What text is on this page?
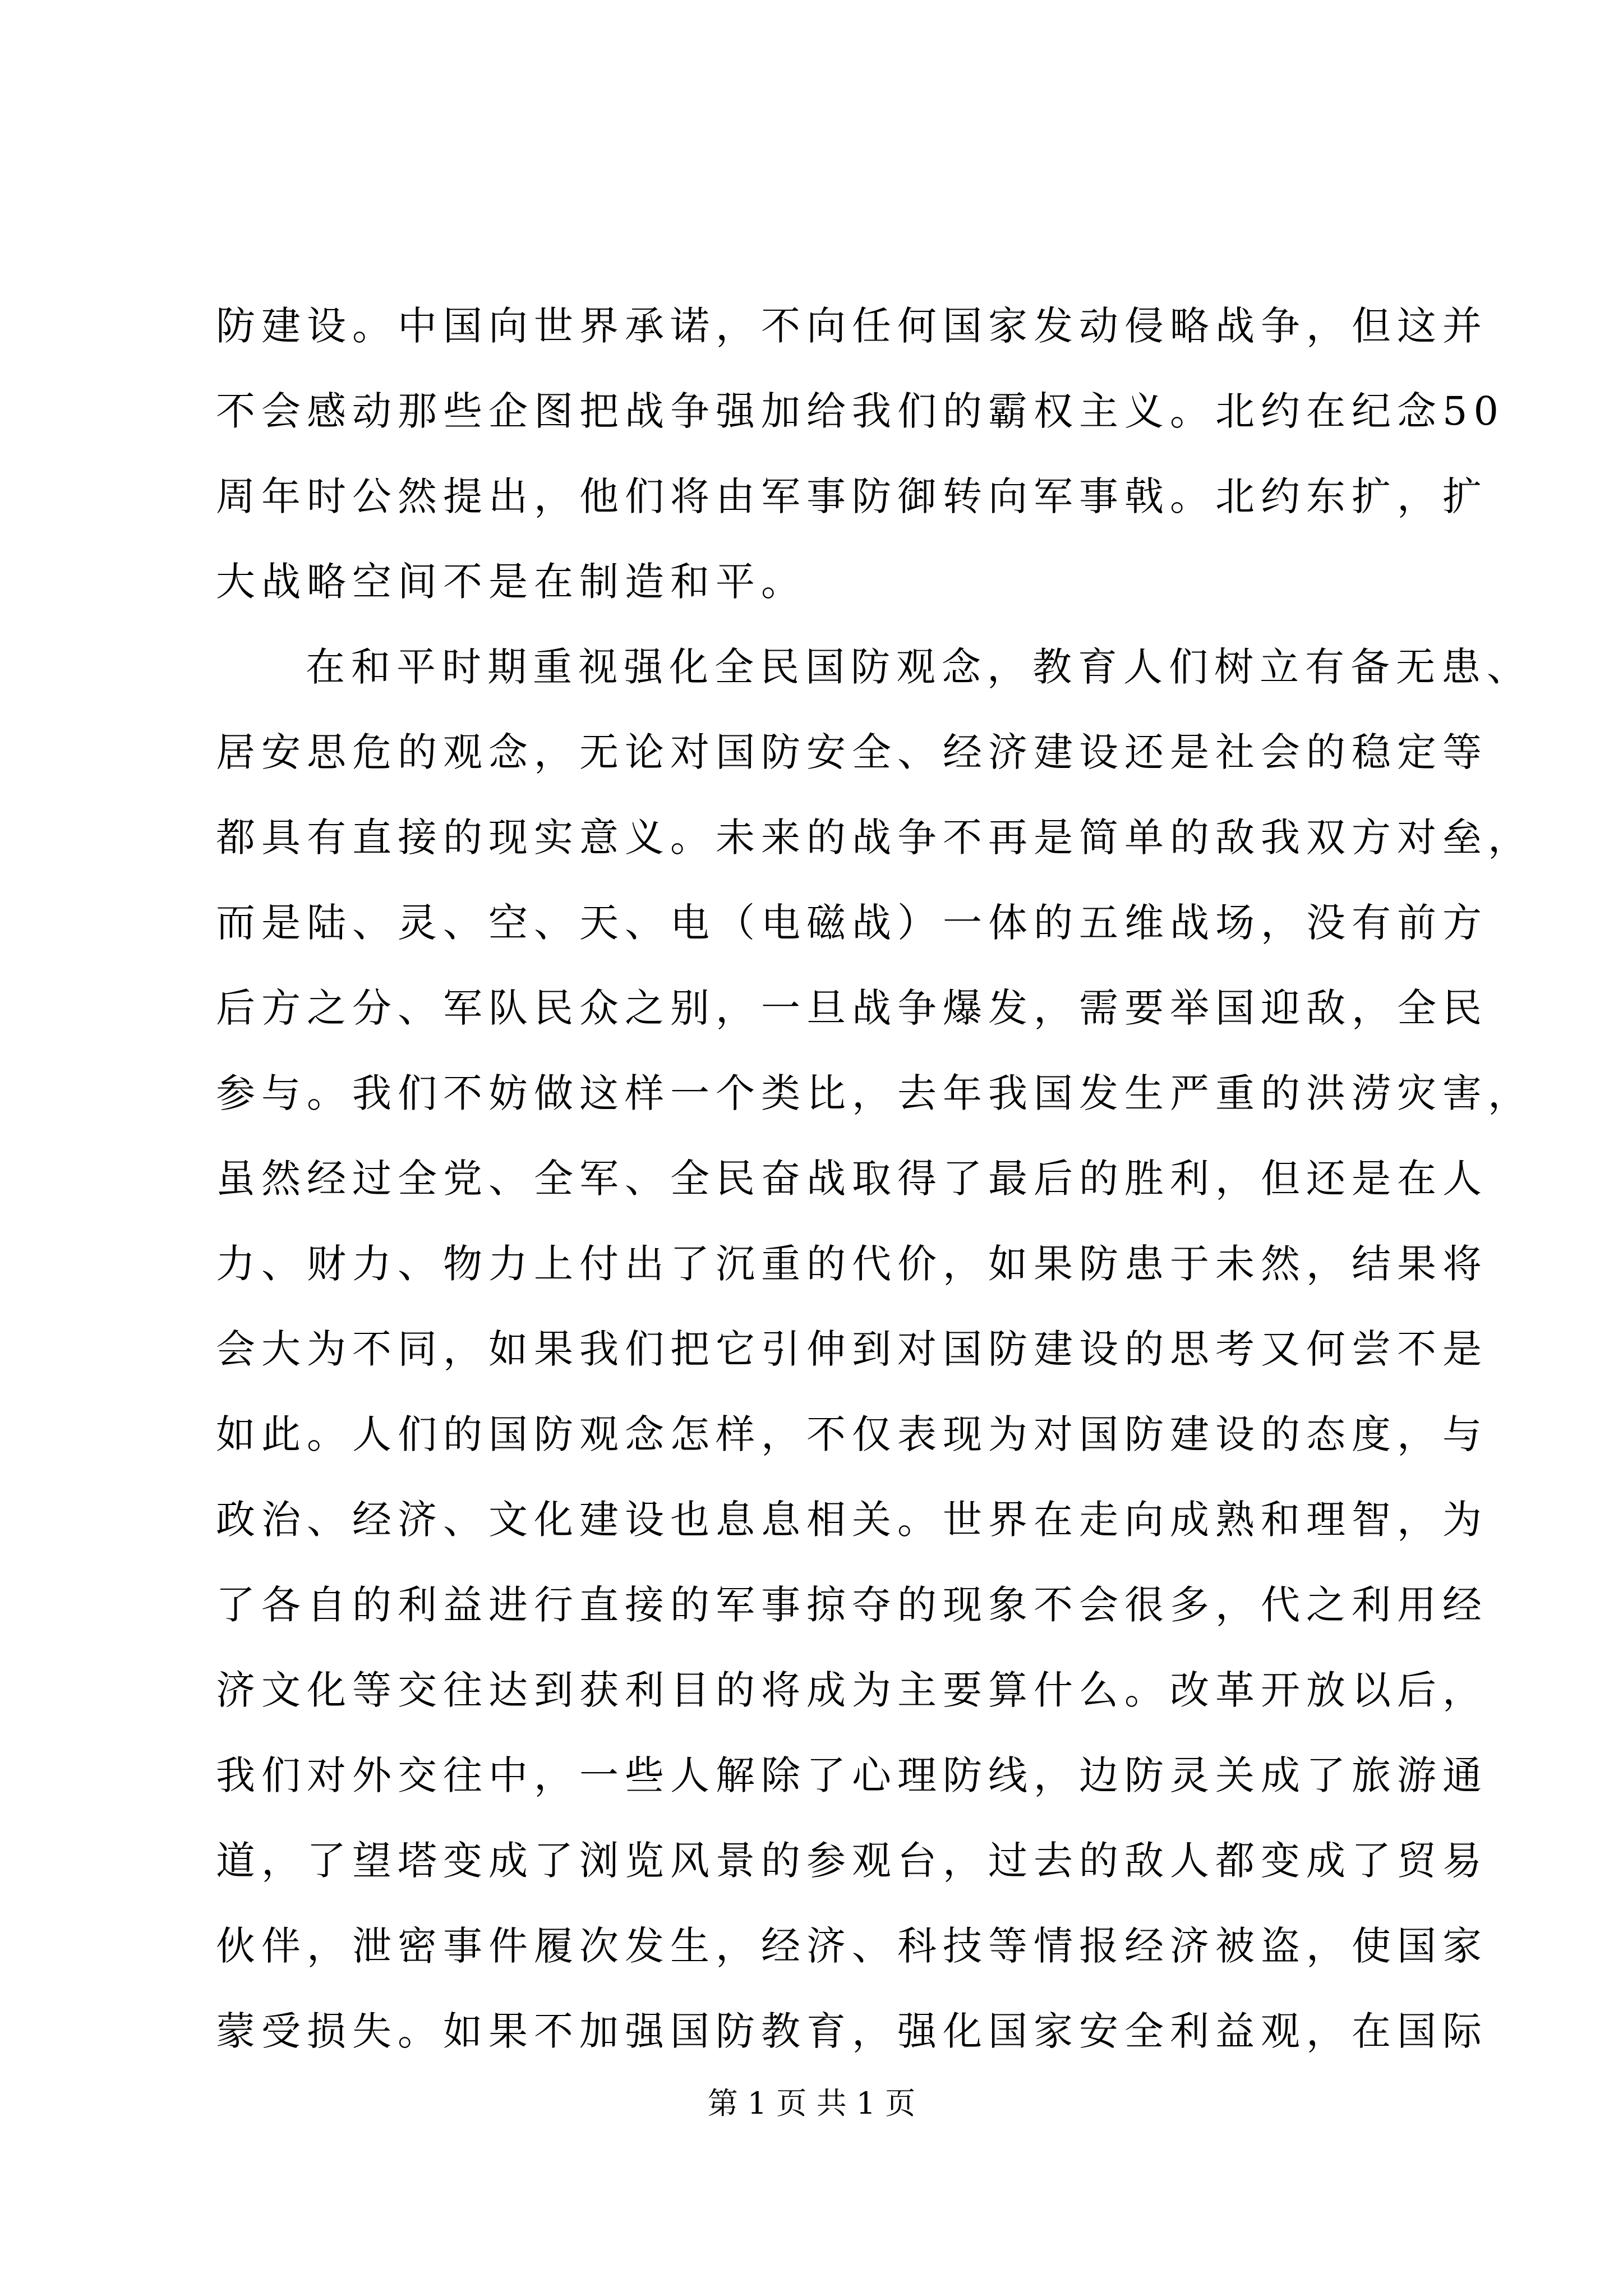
防建设。中国向世界承诺，不向任何国家发动侵略战争，但这并
不会感动那些企图把战争强加给我们的霸权主义。北约在纪念50
周年时公然提出，他们将由军事防御转向军事戟。北约东扩，扩
大战略空间不是在制造和平。
在和平时期重视强化全民国防观念，教育人们树立有备无患、
居安思危的观念，无论对国防安全、经济建设还是社会的稳定等
都具有直接的现实意义。未来的战争不再是简单的敌我双方对垒，
而是陆、灵、空、天、电（电磁战）一体的五维战场，没有前方
后方之分、军队民众之别，一旦战争爆发，需要举国迎敌，全民
参与。我们不妨做这样一个类比，去年我国发生严重的洪涝灾害，
虽然经过全党、全军、全民奋战取得了最后的胜利，但还是在人
力、财力、物力上付出了沉重的代价，如果防患于未然，结果将
会大为不同，如果我们把它引伸到对国防建设的思考又何尝不是
如此。人们的国防观念怎样，不仅表现为对国防建设的态度，与
政治、经济、文化建设也息息相关。世界在走向成熟和理智，为
了各自的利益进行直接的军事掠夺的现象不会很多，代之利用经
济文化等交往达到获利目的将成为主要算什么。改革开放以后，
我们对外交往中，一些人解除了心理防线，边防灵关成了旅游通
道，了望塔变成了浏览风景的参观台，过去的敌人都变成了贸易
伙伴，泄密事件履次发生，经济、科技等情报经济被盗，使国家
蒙受损失。如果不加强国防教育，强化国家安全利益观，在国际
第 1 页 共 1 页
